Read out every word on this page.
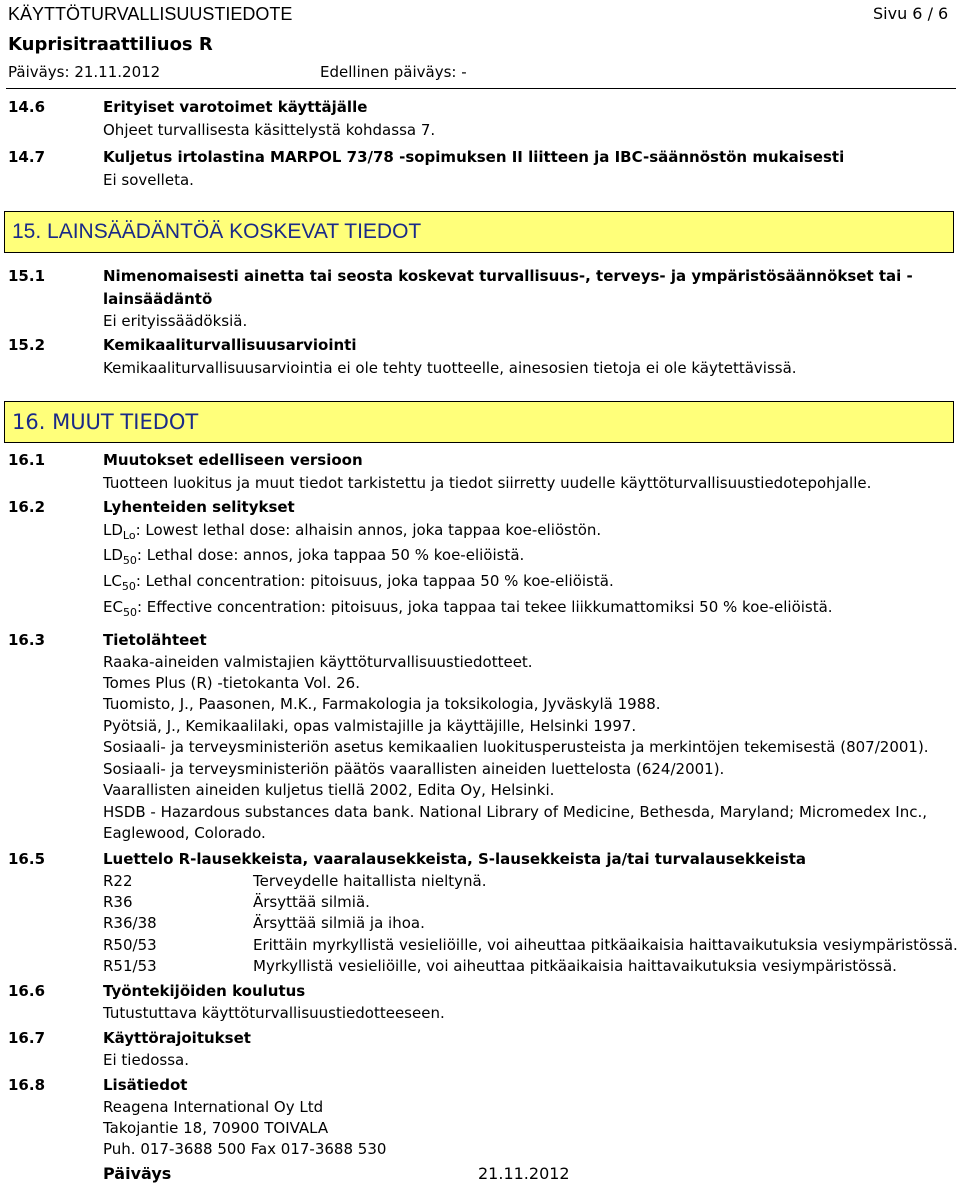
KÄYTTÖTURVALLISUUSTIEDOTE	Sivu 6 / 6
Kuprisitraattiliuos R
Päiväys: 21.11.2012	Edellinen päiväys: -
14.6	Erityiset varotoimet käyttäjälle
Ohjeet turvallisesta käsittelystä kohdassa 7.
14.7	Kuljetus irtolastina MARPOL 73/78 -sopimuksen II liitteen ja IBC-säännöstön mukaisesti
Ei sovelleta.
15. LAINSÄÄDÄNTÖÄ KOSKEVAT TIEDOT
15.1	Nimenomaisesti ainetta tai seosta koskevat turvallisuus-, terveys- ja ympäristösäännökset tai -
lainsäädäntö
Ei erityissäädöksiä.
15.2	Kemikaaliturvallisuusarviointi
Kemikaaliturvallisuusarviointia ei ole tehty tuotteelle, ainesosien tietoja ei ole käytettävissä.
16. MUUT TIEDOT
16.1	Muutokset edelliseen versioon
Tuotteen luokitus ja muut tiedot tarkistettu ja tiedot siirretty uudelle käyttöturvallisuustiedotepohjalle.
16.2	Lyhenteiden selitykset
$LD_{Lo}$: Lowest lethal dose: alhaisin annos, joka tappaa koe-eliöstön.
$LD_{50}$: Lethal dose: annos, joka tappaa 50 % koe-eliöistä.
$LC_{50}$: Lethal concentration: pitoisuus, joka tappaa 50 % koe-eliöistä.
$EC_{50}$: Effective concentration: pitoisuus, joka tappaa tai tekee liikkumattomiksi 50 % koe-eliöistä.
16.3	Tietolähteet
Raaka-aineiden valmistajien käyttöturvallisuustiedotteet.
Tomes Plus (R) -tietokanta Vol. 26.
Tuomisto, J., Paasonen, M.K., Farmakologia ja toksikologia, Jyväskylä 1988.
Pyötsiä, J., Kemikaalilaki, opas valmistajille ja käyttäjille, Helsinki 1997.
Sosiaali- ja terveysministeriön asetus kemikaalien luokitusperusteista ja merkintöjen tekemisestä (807/2001).
Sosiaali- ja terveysministeriön päätös vaarallisten aineiden luettelosta (624/2001).
Vaarallisten aineiden kuljetus tiellä 2002, Edita Oy, Helsinki.
HSDB - Hazardous substances data bank. National Library of Medicine, Bethesda, Maryland; Micromedex Inc.,
Eaglewood, Colorado.
16.5	Luettelo R-lausekkeista, vaaralausekkeista, S-lausekkeista ja/tai turvalausekkeista
R22	Terveydelle haitallista nieltynä.
R36	Ärsyttää silmiä.
R36/38	Ärsyttää silmiä ja ihoa.
R50/53	Erittäin myrkyllistä vesieliöille, voi aiheuttaa pitkäaikaisia haittavaikutuksia vesiympäristössä.
R51/53	Myrkyllistä vesieliöille, voi aiheuttaa pitkäaikaisia haittavaikutuksia vesiympäristössä.
16.6	Työntekijöiden koulutus
Tutustuttava käyttöturvallisuustiedotteeseen.
16.7	Käyttörajoitukset
Ei tiedossa.
16.8	Lisätiedot
Reagena International Oy Ltd
Takojantie 18, 70900 TOIVALA
Puh. 017-3688 500 Fax 017-3688 530
Päiväys	21.11.2012
